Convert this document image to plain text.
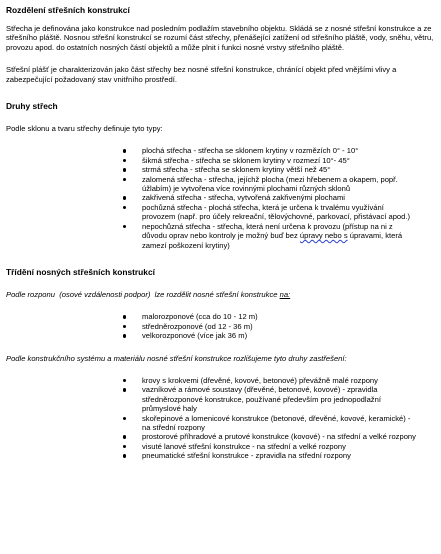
Rozdělení střešních konstrukcí

Střecha je definována jako konstrukce nad posledním podlažím stavebního objektu. Skládá se z nosné střešní konstrukce a ze střešního pláště. Nosnou střešní konstrukcí se rozumí část střechy, přenášející zatížení od střešního pláště, vody, sněhu, větru, provozu apod. do ostatních nosných částí objektů a může plnit i funkci nosné vrstvy střešního pláště.

Střešní plášť je charakterizován jako část střechy bez nosné střešní konstrukce, chránící objekt před vnějšími vlivy a zabezpečující požadovaný stav vnitřního prostředí.

Druhy střech

Podle sklonu a tvaru střechy definuje tyto typy:

plochá střecha - střecha se sklonem krytiny v rozmězích 0° - 10°
šikmá střecha - střecha se sklonem krytiny v rozmezí 10°- 45°
strmá střecha - střecha se sklonem krytiny větší než 45°
zalomená střecha - střecha, jejíchž plocha (mezi hřebenem a okapem, popř. úžlabím) je vytvořena více rovinnými plochami různých sklonů
zakřivená střecha - střecha, vytvořená zakřivenými plochami
pochůzná střecha - plochá střecha, která je určena k trvalému využívání provozem (např. pro účely rekreační, tělovýchovné, parkovací, přistávací apod.)
nepochůzná střecha - střecha, která není určena k provozu (přístup na ni z důvodu oprav nebo kontroly je možný buď bez úpravy nebo s úpravami, která zamezí poškození krytiny)
Třídění nosných střešních konstrukcí

Podle rozponu (osové vzdálenosti podpor) lze rozdělit nosné střešní konstrukce na:

malorozponové (cca do 10 - 12 m)
středněrozponové (od 12 - 36 m)
velkorozponové (více jak 36 m)

Podle konstrukčního systému a materiálu nosné střešní konstrukce rozlišujeme tyto druhy zastřešení:

krovy s krokvemi (dřevěné, kovové, betonové) převážně malé rozpony
vazníkové a rámové soustavy (dřevěné, betonové, kovové) - zpravidla středněrozponové konstrukce, používané především pro jednopodlažní průmyslové haly
skořepinové a lomenicové konstrukce (betonové, dřevěné, kovové, keramické) - na střední rozpony
prostorové příhradové a prutové konstrukce (kovové) - na střední a velké rozpony
visuté lanové střešní konstrukce - na střední a velké rozpony
pneumatické střešní konstrukce - zpravidla na střední rozpony
